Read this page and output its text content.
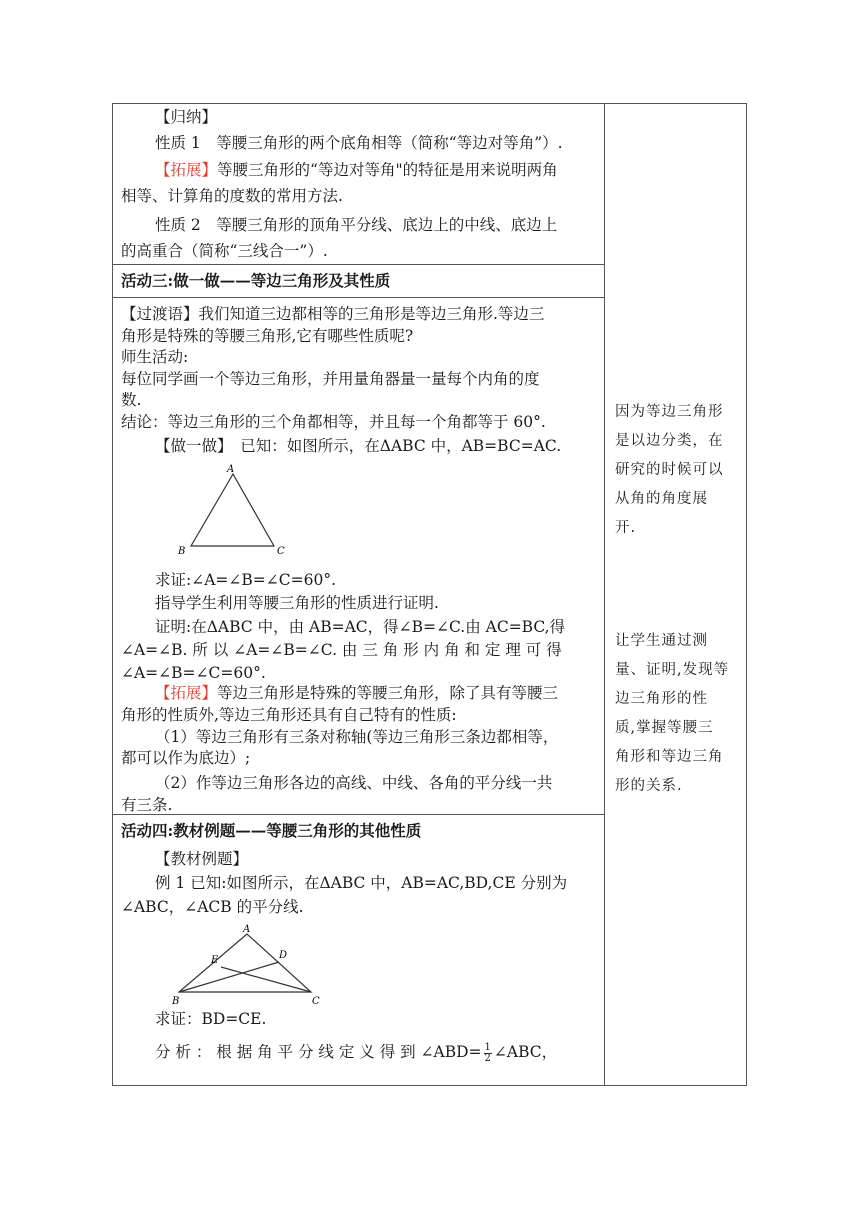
【归纳】
性质 1　等腰三角形的两个底角相等（简称“等边对等角”）.
【拓展】等腰三角形的“等边对等角"的特征是用来说明两角
相等、计算角的度数的常用方法.
性质 2　等腰三角形的顶角平分线、底边上的中线、底边上
的高重合（简称“三线合一”）.
活动三:做一做——等边三角形及其性质
【过渡语】我们知道三边都相等的三角形是等边三角形.等边三
角形是特殊的等腰三角形,它有哪些性质呢?
师生活动:
每位同学画一个等边三角形，并用量角器量一量每个内角的度
数.
结论：等边三角形的三个角都相等，并且每一个角都等于 60°.
【做一做】　已知：如图所示，在ΔABC 中，AB=BC=AC.
A
B	C
求证:∠A=∠B=∠C=60°.
指导学生利用等腰三角形的性质进行证明.
证明:在ΔABC 中，由 AB=AC，得∠B=∠C.由 AC=BC,得
∠A=∠B. 所 以 ∠A=∠B=∠C. 由 三 角 形 内 角 和 定 理 可 得
∠A=∠B=∠C=60°.
【拓展】等边三角形是特殊的等腰三角形，除了具有等腰三
角形的性质外,等边三角形还具有自己特有的性质:
（1）等边三角形有三条对称轴(等边三角形三条边都相等，
都可以作为底边）;
（2）作等边三角形各边的高线、中线、各角的平分线一共
有三条.
活动四:教材例题——等腰三角形的其他性质
【教材例题】
例 1 已知:如图所示，在ΔABC 中，AB=AC,BD,CE 分别为
∠ABC，∠ACB 的平分线.
A
E	D
B	C
求证：BD=CE.
分 析 ： 根 据 角 平 分 线 定 义 得 到 ∠ABD= $\frac{1}{2}$ ∠ABC，
因为等边三角形
是以边分类，在
研究的时候可以
从角的角度展
开.
让学生通过测
量、证明,发现等
边三角形的性
质,掌握等腰三
角形和等边三角
形的关系.
